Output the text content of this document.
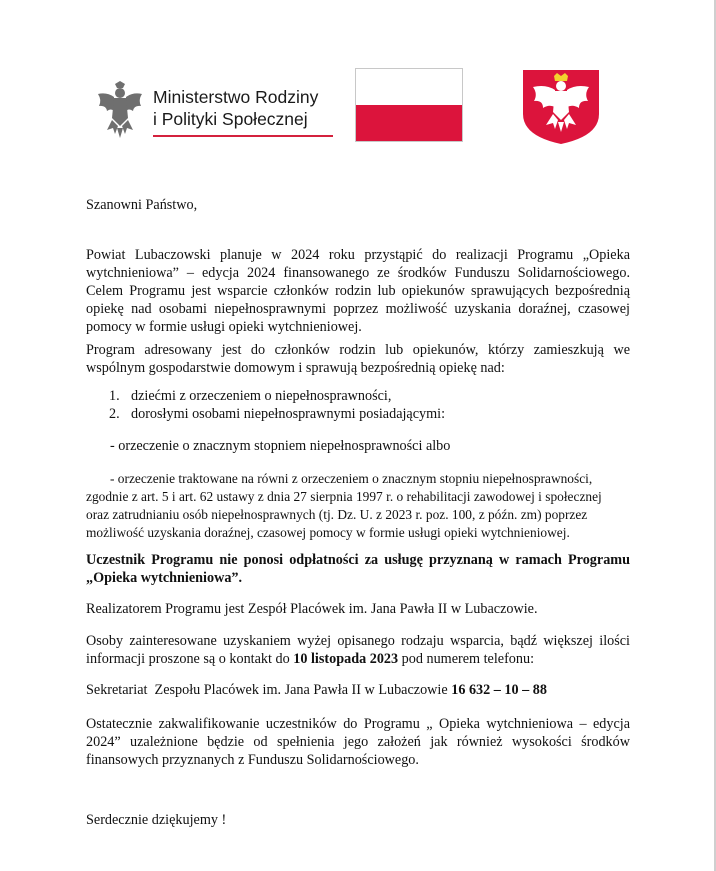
Ministerstwo Rodziny
i Polityki Społecznej
Szanowni Państwo,
Powiat Lubaczowski planuje w 2024 roku przystąpić do realizacji Programu „Opieka
wytchnieniowa” – edycja 2024 finansowanego ze środków Funduszu Solidarnościowego.
Celem Programu jest wsparcie członków rodzin lub opiekunów sprawujących bezpośrednią
opiekę nad osobami niepełnosprawnymi poprzez możliwość uzyskania doraźnej, czasowej
pomocy w formie usługi opieki wytchnieniowej.
Program adresowany jest do członków rodzin lub opiekunów, którzy zamieszkują we
wspólnym gospodarstwie domowym i sprawują bezpośrednią opiekę nad:
1. dziećmi z orzeczeniem o niepełnosprawności,
2. dorosłymi osobami niepełnosprawnymi posiadającymi:
- orzeczenie o znacznym stopniem niepełnosprawności albo
- orzeczenie traktowane na równi z orzeczeniem o znacznym stopniu niepełnosprawności,
zgodnie z art. 5 i art. 62 ustawy z dnia 27 sierpnia 1997 r. o rehabilitacji zawodowej i społecznej
oraz zatrudnianiu osób niepełnosprawnych (tj. Dz. U. z 2023 r. poz. 100, z późn. zm) poprzez
możliwość uzyskania doraźnej, czasowej pomocy w formie usługi opieki wytchnieniowej.
Uczestnik Programu nie ponosi odpłatności za usługę przyznaną w ramach Programu
„Opieka wytchnieniowa”.
Realizatorem Programu jest Zespół Placówek im. Jana Pawła II w Lubaczowie.
Osoby zainteresowane uzyskaniem wyżej opisanego rodzaju wsparcia, bądź większej ilości
informacji proszone są o kontakt do 10 listopada 2023 pod numerem telefonu:
Sekretariat  Zespołu Placówek im. Jana Pawła II w Lubaczowie 16 632 – 10 – 88
Ostatecznie zakwalifikowanie uczestników do Programu „ Opieka wytchnieniowa – edycja
2024” uzależnione będzie od spełnienia jego założeń jak również wysokości środków
finansowych przyznanych z Funduszu Solidarnościowego.
Serdecznie dziękujemy !
